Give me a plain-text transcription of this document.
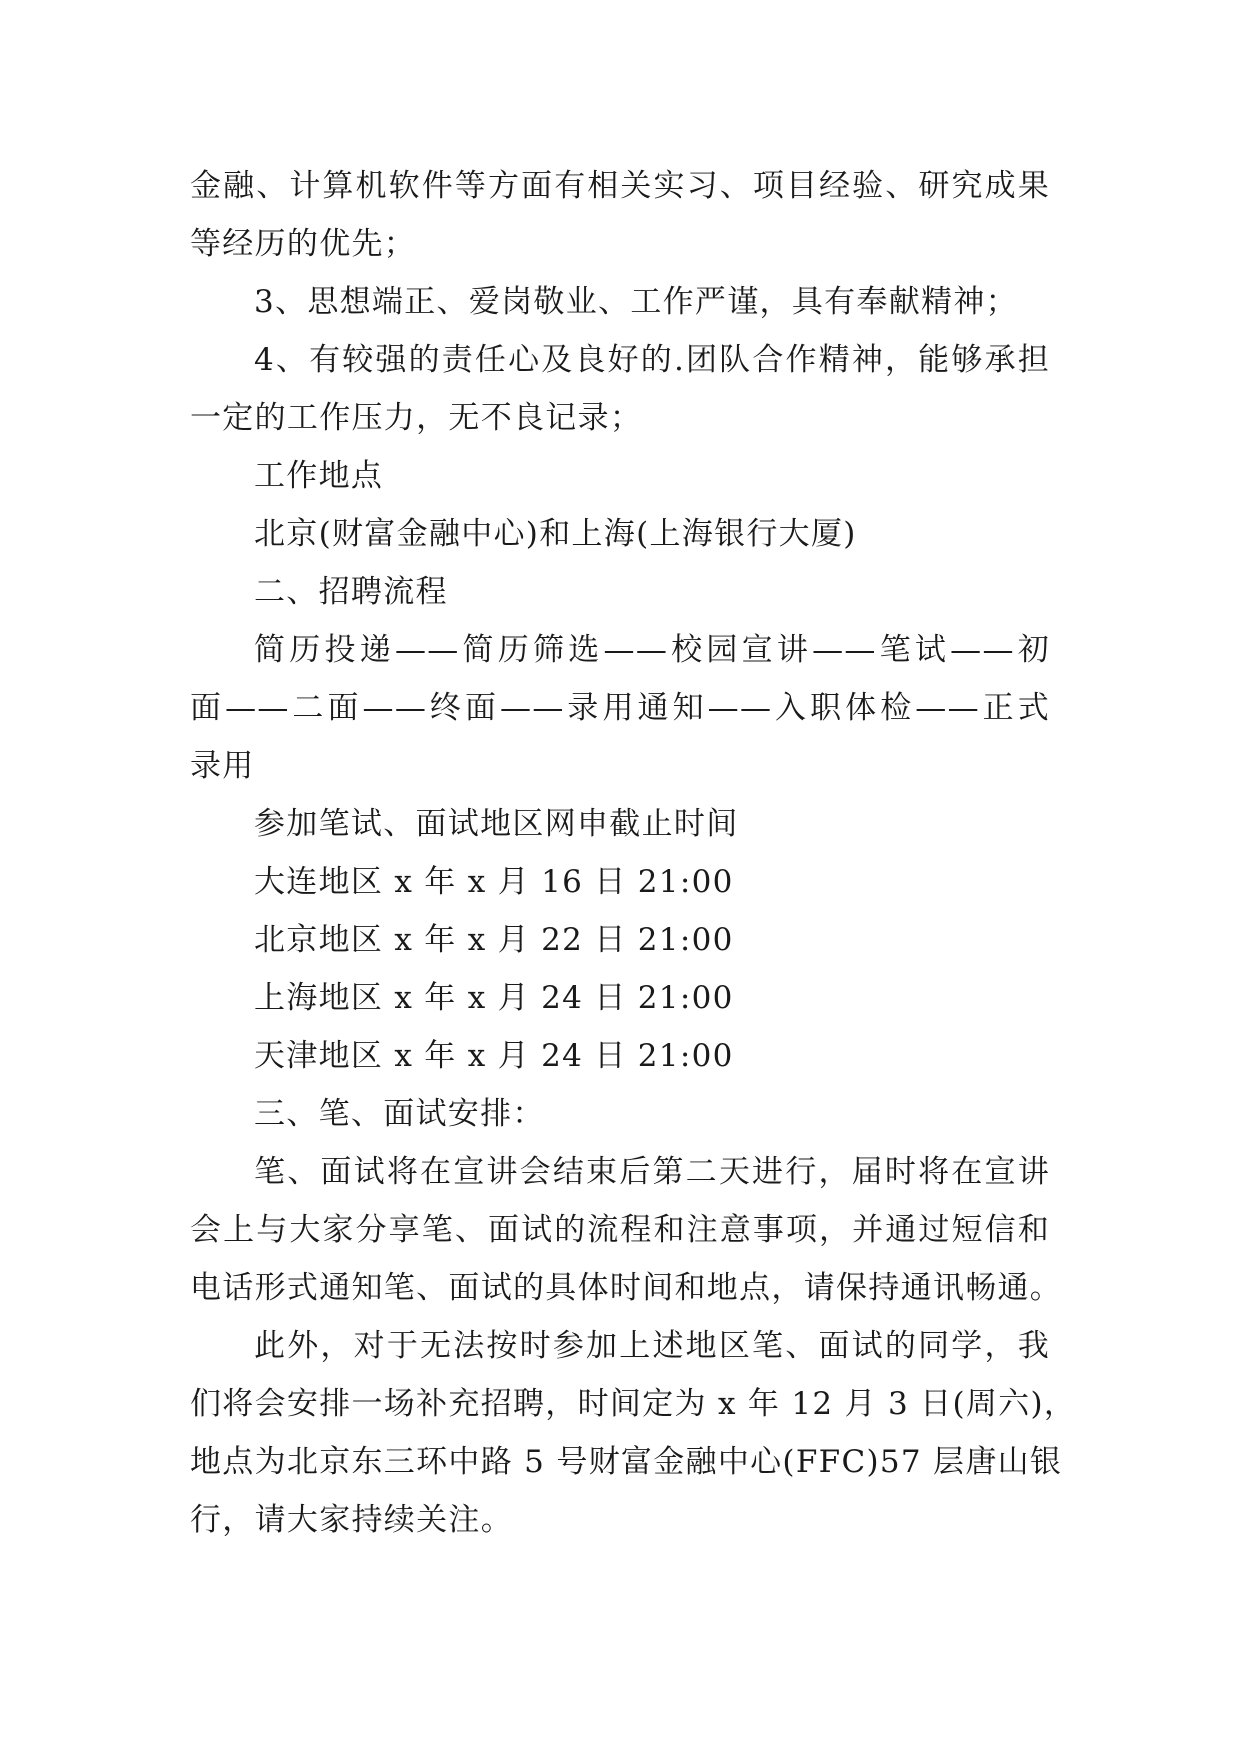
金融、计算机软件等方面有相关实习、项目经验、研究成果
等经历的优先；
3、思想端正、爱岗敬业、工作严谨，具有奉献精神；
4、有较强的责任心及良好的.团队合作精神，能够承担
一定的工作压力，无不良记录；
工作地点
北京(财富金融中心)和上海(上海银行大厦)
二、招聘流程
简历投递——简历筛选——校园宣讲——笔试——初
面——二面——终面——录用通知——入职体检——正式
录用
参加笔试、面试地区网申截止时间
大连地区 x 年 x 月 16 日 21:00
北京地区 x 年 x 月 22 日 21:00
上海地区 x 年 x 月 24 日 21:00
天津地区 x 年 x 月 24 日 21:00
三、笔、面试安排：
笔、面试将在宣讲会结束后第二天进行，届时将在宣讲
会上与大家分享笔、面试的流程和注意事项，并通过短信和
电话形式通知笔、面试的具体时间和地点，请保持通讯畅通。
此外，对于无法按时参加上述地区笔、面试的同学，我
们将会安排一场补充招聘，时间定为 x 年 12 月 3 日(周六)，
地点为北京东三环中路 5 号财富金融中心(FFC)57 层唐山银
行，请大家持续关注。
